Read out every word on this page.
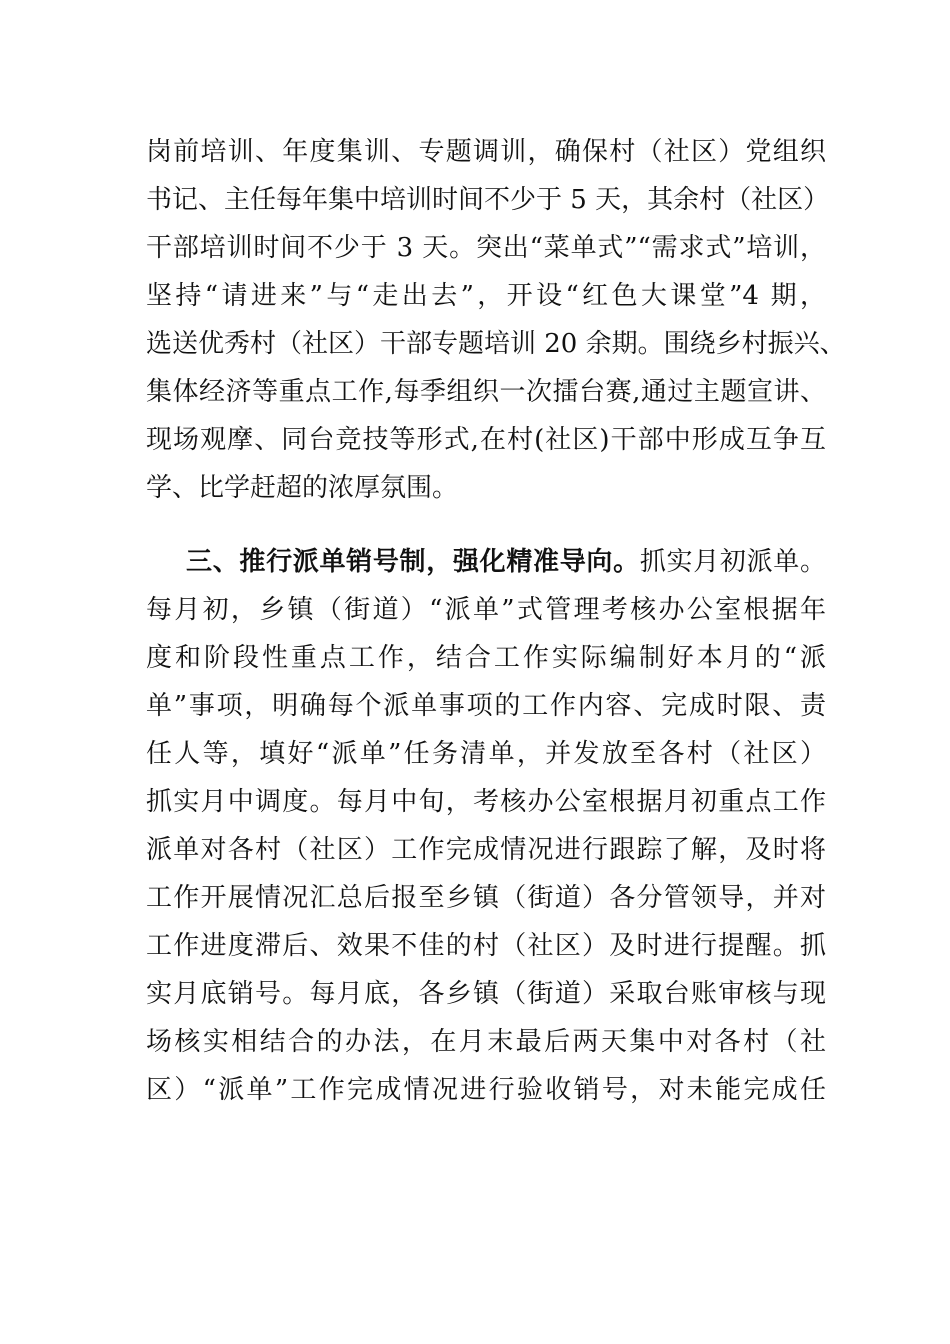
岗前培训、年度集训、专题调训，确保村（社区）党组织
书记、主任每年集中培训时间不少于 5 天，其余村（社区）
干部培训时间不少于 3 天。突出“菜单式”“需求式”培训，
坚持“请进来”与“走出去”，开设“红色大课堂”4 期，
选送优秀村（社区）干部专题培训 20 余期。围绕乡村振兴、
集体经济等重点工作,每季组织一次擂台赛,通过主题宣讲、
现场观摩、同台竞技等形式,在村(社区)干部中形成互争互
学、比学赶超的浓厚氛围。
三、推行派单销号制，强化精准导向。抓实月初派单。
每月初，乡镇（街道）“派单”式管理考核办公室根据年
度和阶段性重点工作，结合工作实际编制好本月的“派
单”事项，明确每个派单事项的工作内容、完成时限、责
任人等，填好“派单”任务清单，并发放至各村（社区）
抓实月中调度。每月中旬，考核办公室根据月初重点工作
派单对各村（社区）工作完成情况进行跟踪了解，及时将
工作开展情况汇总后报至乡镇（街道）各分管领导，并对
工作进度滞后、效果不佳的村（社区）及时进行提醒。抓
实月底销号。每月底，各乡镇（街道）采取台账审核与现
场核实相结合的办法，在月末最后两天集中对各村（社
区）“派单”工作完成情况进行验收销号，对未能完成任
